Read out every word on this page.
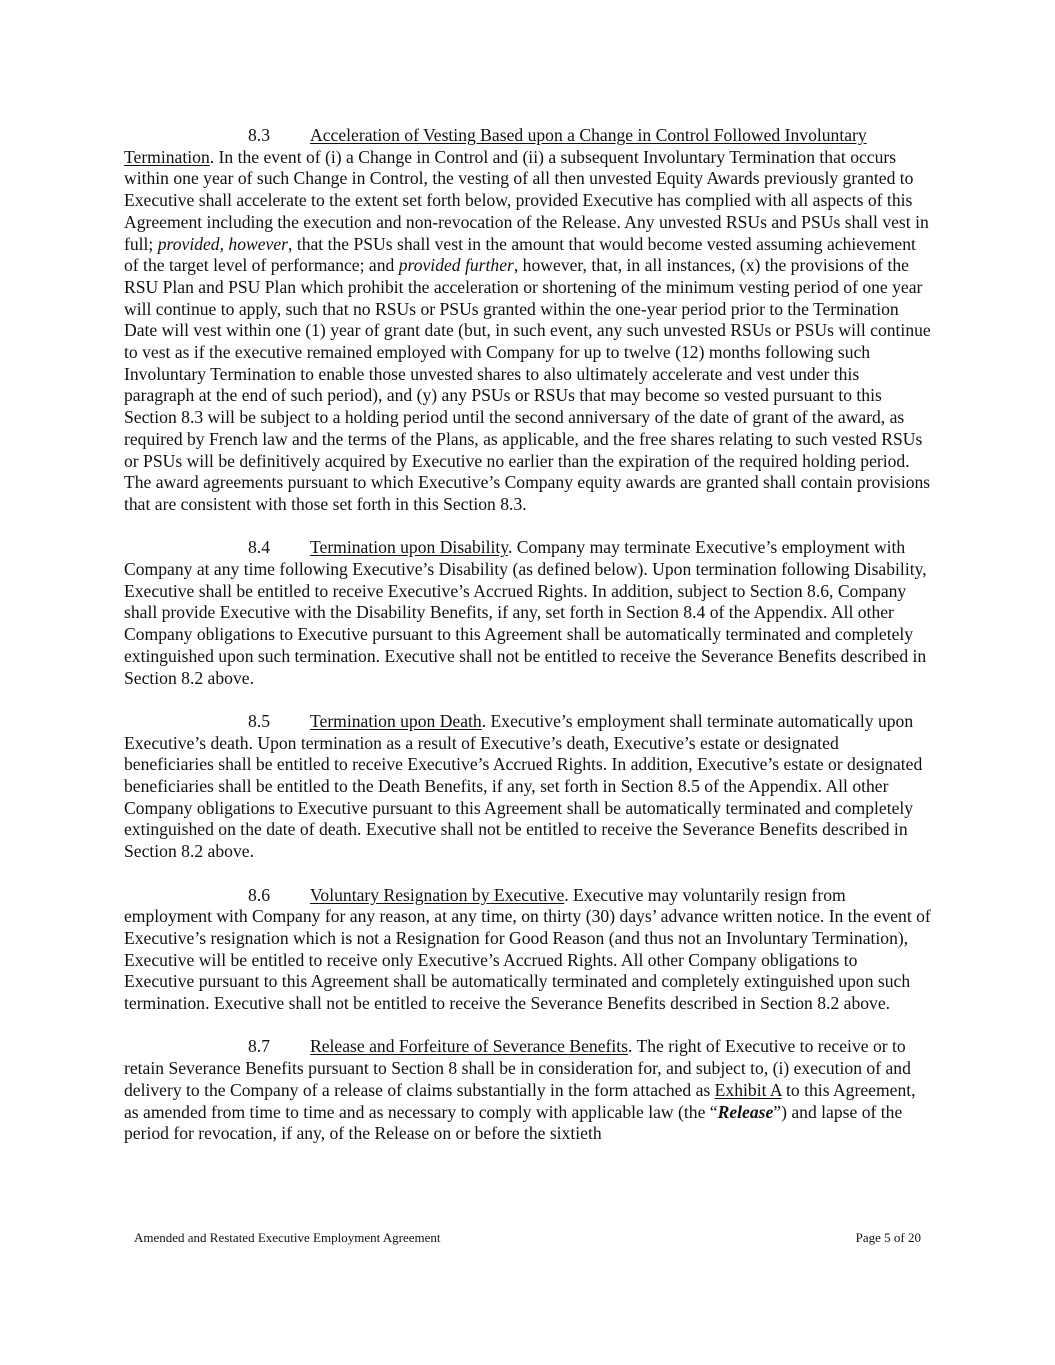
8.3 Acceleration of Vesting Based upon a Change in Control Followed Involuntary Termination. In the event of (i) a Change in Control and (ii) a subsequent Involuntary Termination that occurs within one year of such Change in Control, the vesting of all then unvested Equity Awards previously granted to Executive shall accelerate to the extent set forth below, provided Executive has complied with all aspects of this Agreement including the execution and non-revocation of the Release. Any unvested RSUs and PSUs shall vest in full; provided, however, that the PSUs shall vest in the amount that would become vested assuming achievement of the target level of performance; and provided further, however, that, in all instances, (x) the provisions of the RSU Plan and PSU Plan which prohibit the acceleration or shortening of the minimum vesting period of one year will continue to apply, such that no RSUs or PSUs granted within the one-year period prior to the Termination Date will vest within one (1) year of grant date (but, in such event, any such unvested RSUs or PSUs will continue to vest as if the executive remained employed with Company for up to twelve (12) months following such Involuntary Termination to enable those unvested shares to also ultimately accelerate and vest under this paragraph at the end of such period), and (y) any PSUs or RSUs that may become so vested pursuant to this Section 8.3 will be subject to a holding period until the second anniversary of the date of grant of the award, as required by French law and the terms of the Plans, as applicable, and the free shares relating to such vested RSUs or PSUs will be definitively acquired by Executive no earlier than the expiration of the required holding period. The award agreements pursuant to which Executive’s Company equity awards are granted shall contain provisions that are consistent with those set forth in this Section 8.3.

8.4 Termination upon Disability. Company may terminate Executive’s employment with Company at any time following Executive’s Disability (as defined below). Upon termination following Disability, Executive shall be entitled to receive Executive’s Accrued Rights. In addition, subject to Section 8.6, Company shall provide Executive with the Disability Benefits, if any, set forth in Section 8.4 of the Appendix. All other Company obligations to Executive pursuant to this Agreement shall be automatically terminated and completely extinguished upon such termination. Executive shall not be entitled to receive the Severance Benefits described in Section 8.2 above.

8.5 Termination upon Death. Executive’s employment shall terminate automatically upon Executive’s death. Upon termination as a result of Executive’s death, Executive’s estate or designated beneficiaries shall be entitled to receive Executive’s Accrued Rights. In addition, Executive’s estate or designated beneficiaries shall be entitled to the Death Benefits, if any, set forth in Section 8.5 of the Appendix. All other Company obligations to Executive pursuant to this Agreement shall be automatically terminated and completely extinguished on the date of death. Executive shall not be entitled to receive the Severance Benefits described in Section 8.2 above.

8.6 Voluntary Resignation by Executive. Executive may voluntarily resign from employment with Company for any reason, at any time, on thirty (30) days’ advance written notice. In the event of Executive’s resignation which is not a Resignation for Good Reason (and thus not an Involuntary Termination), Executive will be entitled to receive only Executive’s Accrued Rights. All other Company obligations to Executive pursuant to this Agreement shall be automatically terminated and completely extinguished upon such termination. Executive shall not be entitled to receive the Severance Benefits described in Section 8.2 above.

8.7 Release and Forfeiture of Severance Benefits. The right of Executive to receive or to retain Severance Benefits pursuant to Section 8 shall be in consideration for, and subject to, (i) execution of and delivery to the Company of a release of claims substantially in the form attached as Exhibit A to this Agreement, as amended from time to time and as necessary to comply with applicable law (the “Release”) and lapse of the period for revocation, if any, of the Release on or before the sixtieth

Amended and Restated Executive Employment Agreement	Page 5 of 20
